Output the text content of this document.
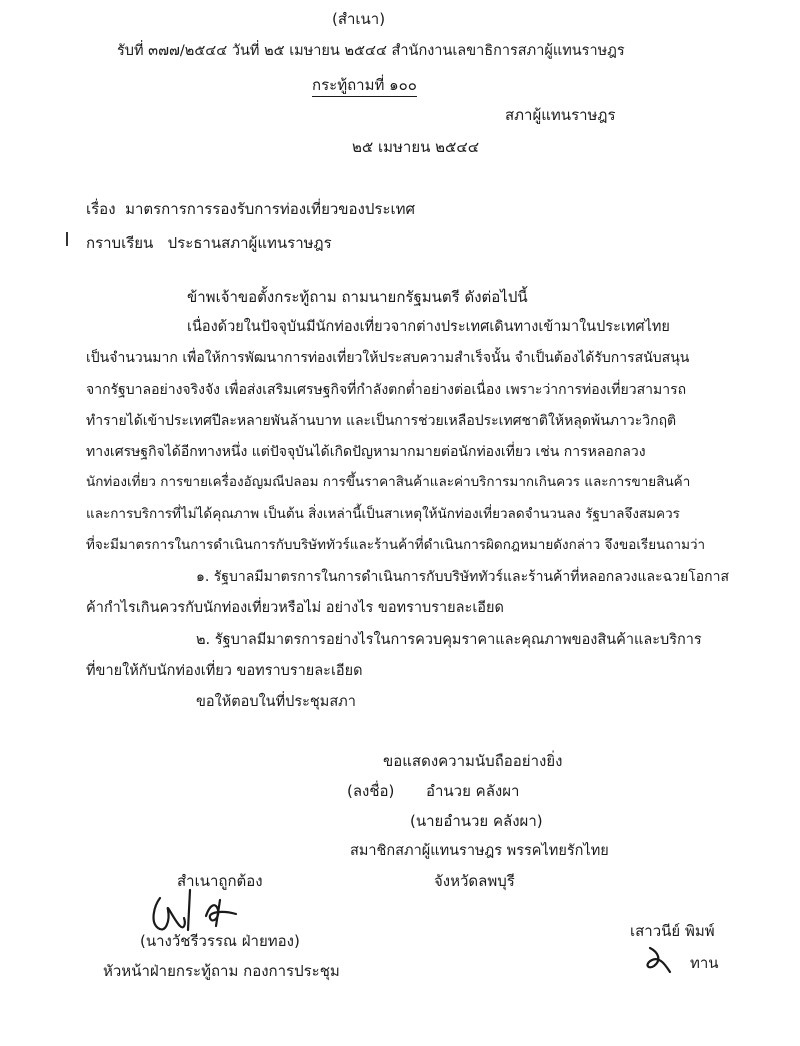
(สำเนา)
รับที่ ๓๗๗/๒๕๔๔ วันที่ ๒๕ เมษายน ๒๕๔๔ สำนักงานเลขาธิการสภาผู้แทนราษฎร
กระทู้ถามที่ ๑๐๐
สภาผู้แทนราษฎร
๒๕ เมษายน ๒๕๔๔
เรื่อง มาตรการการรองรับการท่องเที่ยวของประเทศ
กราบเรียน ประธานสภาผู้แทนราษฎร
ข้าพเจ้าขอตั้งกระทู้ถาม ถามนายกรัฐมนตรี ดังต่อไปนี้
เนื่องด้วยในปัจจุบันมีนักท่องเที่ยวจากต่างประเทศเดินทางเข้ามาในประเทศไทย
เป็นจำนวนมาก เพื่อให้การพัฒนาการท่องเที่ยวให้ประสบความสำเร็จนั้น จำเป็นต้องได้รับการสนับสนุน
จากรัฐบาลอย่างจริงจัง เพื่อส่งเสริมเศรษฐกิจที่กำลังตกต่ำอย่างต่อเนื่อง เพราะว่าการท่องเที่ยวสามารถ
ทำรายได้เข้าประเทศปีละหลายพันล้านบาท และเป็นการช่วยเหลือประเทศชาติให้หลุดพ้นภาวะวิกฤติ
ทางเศรษฐกิจได้อีกทางหนึ่ง แต่ปัจจุบันได้เกิดปัญหามากมายต่อนักท่องเที่ยว เช่น การหลอกลวง
นักท่องเที่ยว การขายเครื่องอัญมณีปลอม การขึ้นราคาสินค้าและค่าบริการมากเกินควร และการขายสินค้า
และการบริการที่ไม่ได้คุณภาพ เป็นต้น สิ่งเหล่านี้เป็นสาเหตุให้นักท่องเที่ยวลดจำนวนลง รัฐบาลจึงสมควร
ที่จะมีมาตรการในการดำเนินการกับบริษัททัวร์และร้านค้าที่ดำเนินการผิดกฎหมายดังกล่าว จึงขอเรียนถามว่า
๑. รัฐบาลมีมาตรการในการดำเนินการกับบริษัททัวร์และร้านค้าที่หลอกลวงและฉวยโอกาส
ค้ากำไรเกินควรกับนักท่องเที่ยวหรือไม่ อย่างไร ขอทราบรายละเอียด
๒. รัฐบาลมีมาตรการอย่างไรในการควบคุมราคาและคุณภาพของสินค้าและบริการ
ที่ขายให้กับนักท่องเที่ยว ขอทราบรายละเอียด
ขอให้ตอบในที่ประชุมสภา
ขอแสดงความนับถืออย่างยิ่ง
(ลงชื่อ) อำนวย คลังผา
(นายอำนวย คลังผา)
สมาชิกสภาผู้แทนราษฎร พรรคไทยรักไทย
จังหวัดลพบุรี
สำเนาถูกต้อง
(นางวัชรีวรรณ ฝ่ายทอง)
หัวหน้าฝ่ายกระทู้ถาม กองการประชุม
เสาวนีย์ พิมพ์
ทาน
